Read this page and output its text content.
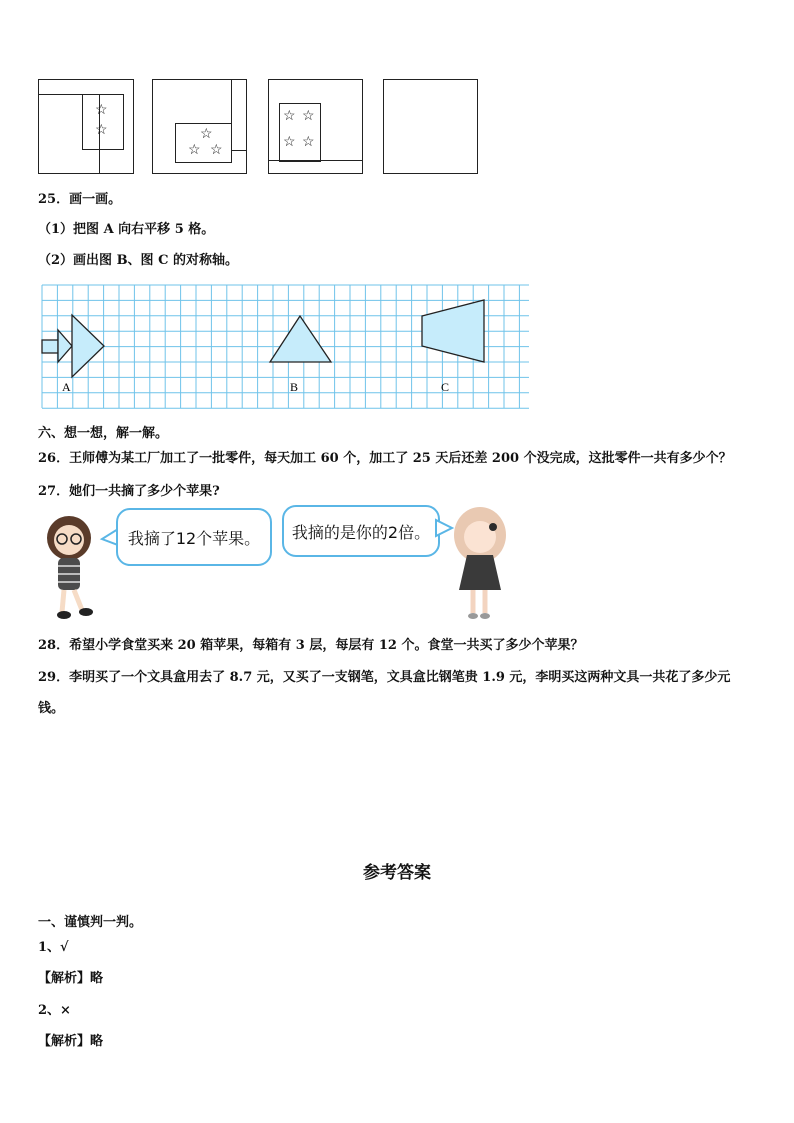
☆
☆	☆
☆ ☆
☆ ☆
☆ ☆
25．画一画。
（1）把图 A 向右平移 5 格。
（2）画出图 B、图 C 的对称轴。
A	B	C
六、想一想，解一解。
26．王师傅为某工厂加工了一批零件，每天加工 60 个，加工了 25 天后还差 200 个没完成，这批零件一共有多少个？
27．她们一共摘了多少个苹果?
我摘了12个苹果。	我摘的是你的2倍。
28．希望小学食堂买来 20 箱苹果，每箱有 3 层，每层有 12 个。食堂一共买了多少个苹果？
29．李明买了一个文具盒用去了 8.7 元，又买了一支钢笔，文具盒比钢笔贵 1.9 元，李明买这两种文具一共花了多少元
钱。
参考答案
一、谨慎判一判。
1、√
【解析】略
2、×
【解析】略
